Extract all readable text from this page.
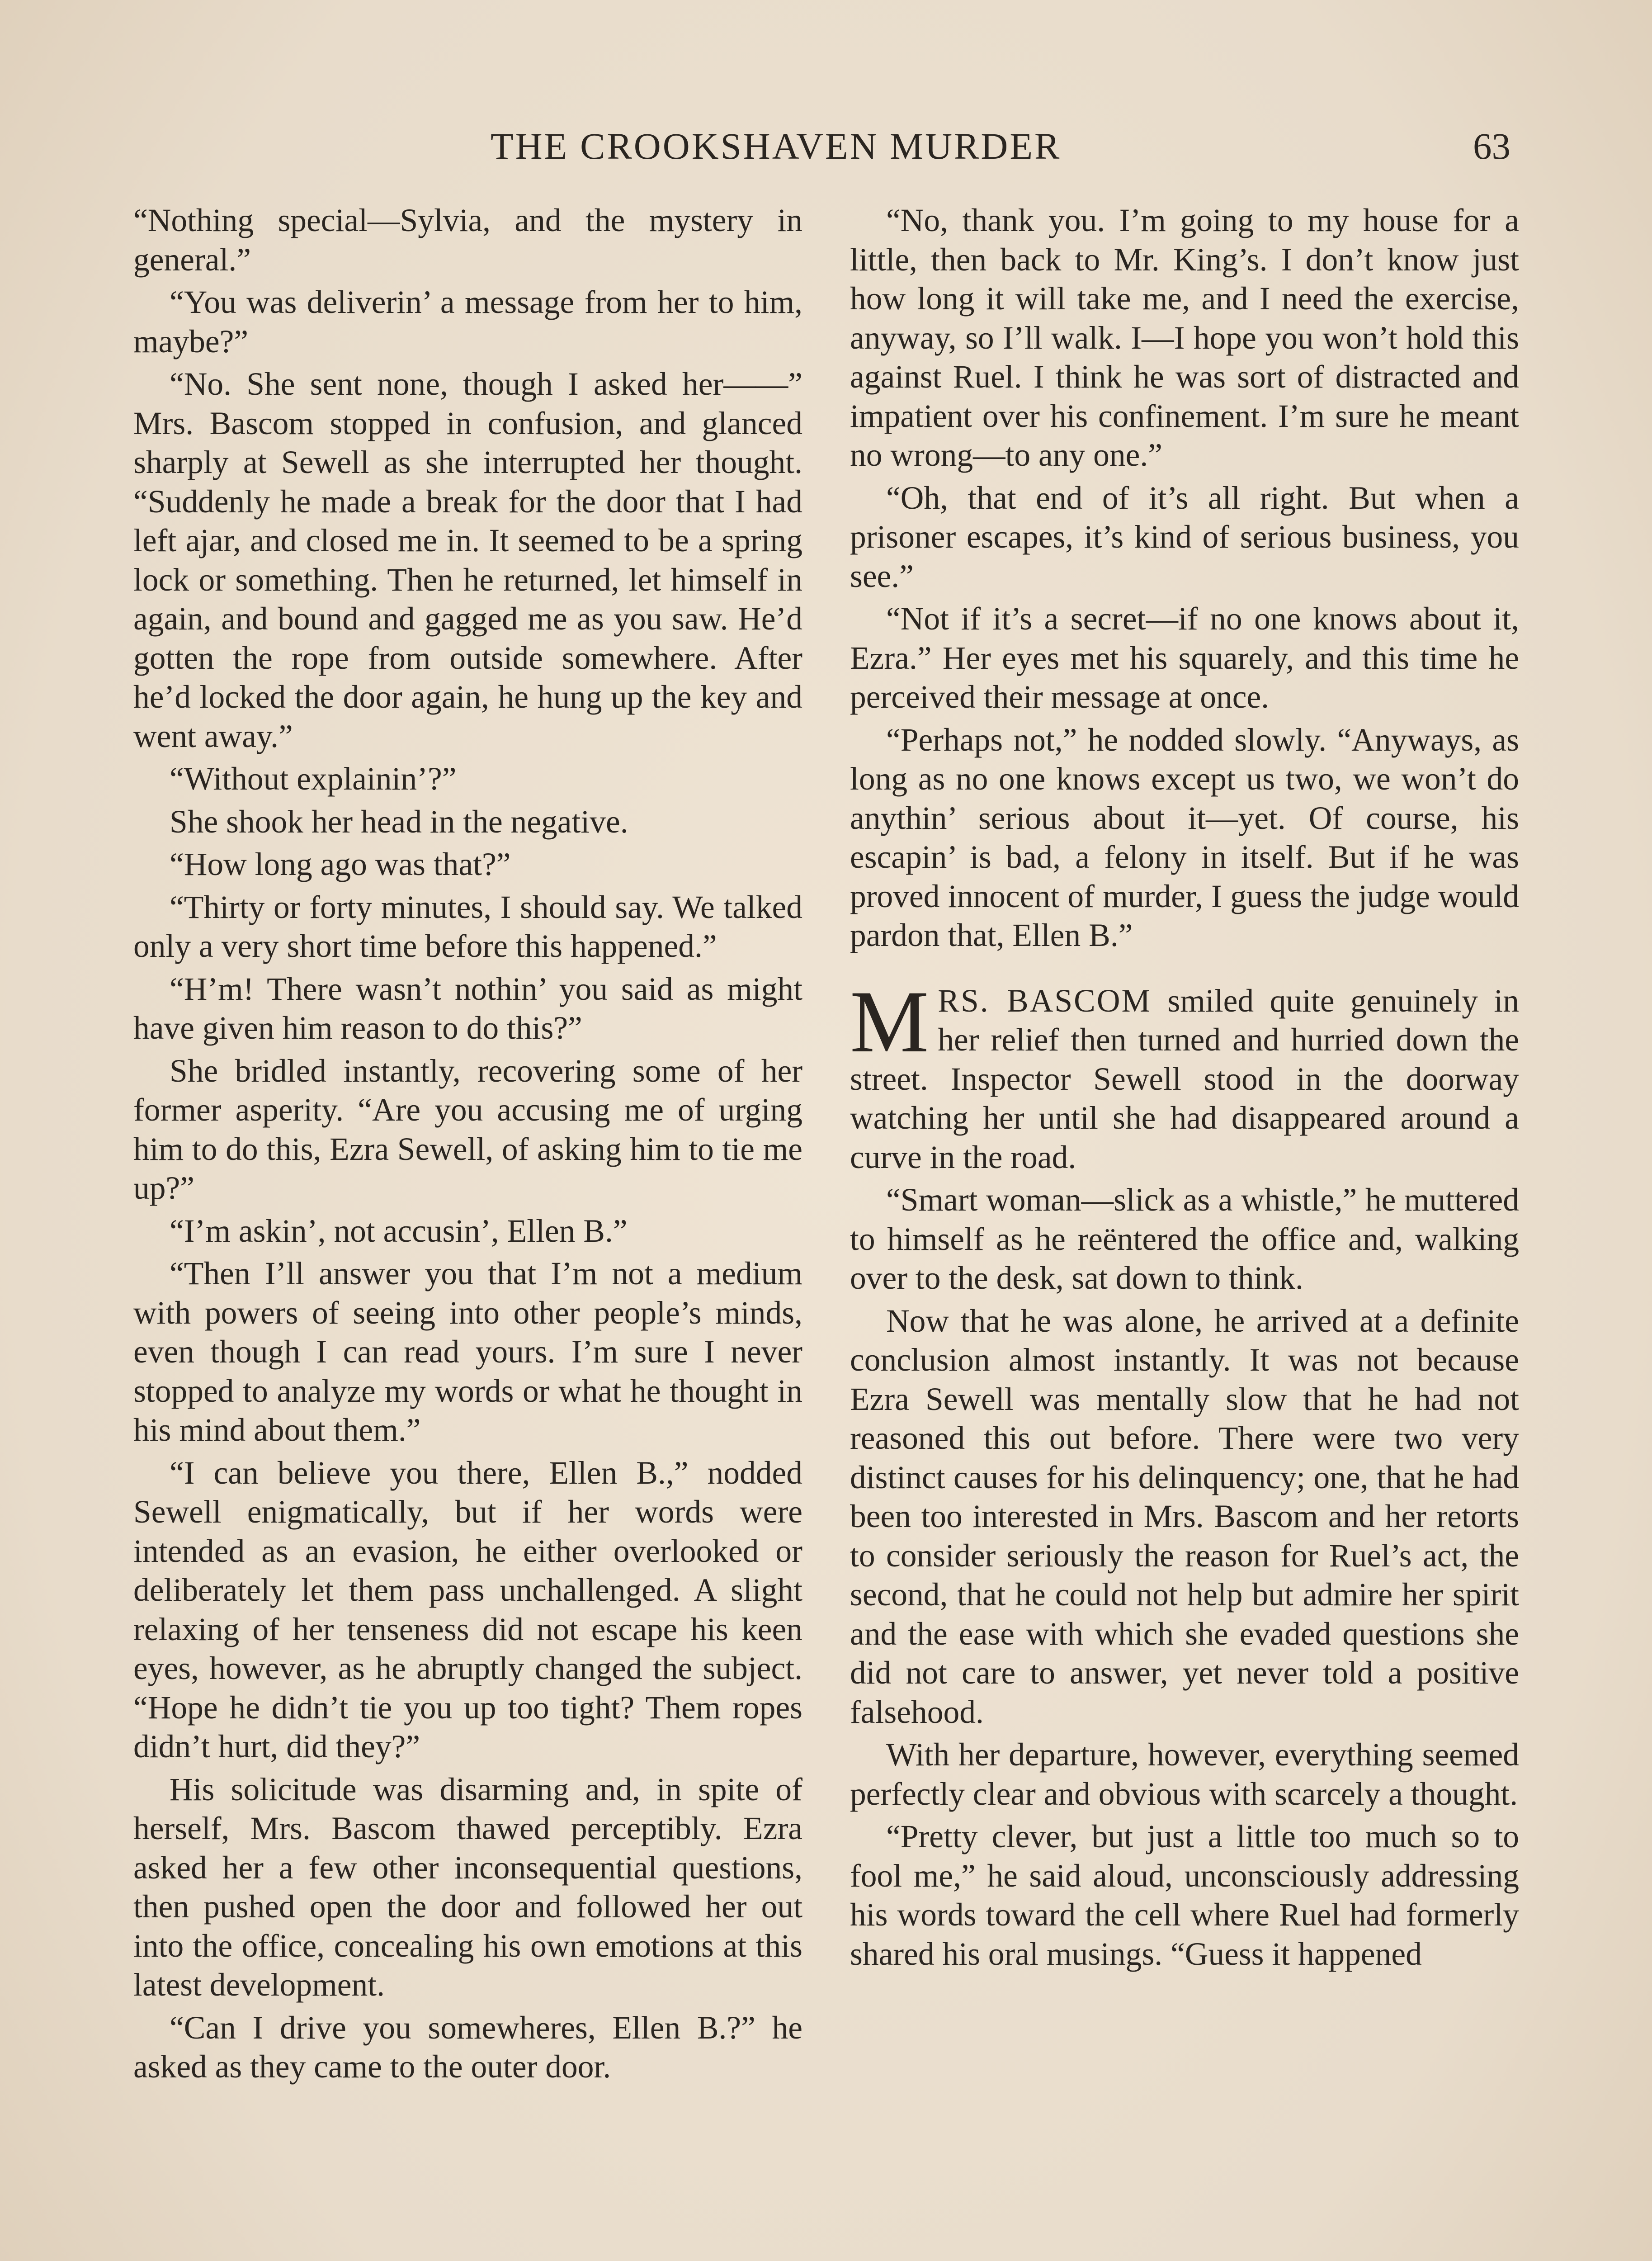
THE CROOKSHAVEN MURDER	63

“Nothing special—Sylvia, and the mystery in general.”

“You was deliverin’ a message from her to him, maybe?”

“No. She sent none, though I asked her——” Mrs. Bascom stopped in confusion, and glanced sharply at Sewell as she interrupted her thought. “Suddenly he made a break for the door that I had left ajar, and closed me in. It seemed to be a spring lock or something. Then he returned, let himself in again, and bound and gagged me as you saw. He’d gotten the rope from outside somewhere. After he’d locked the door again, he hung up the key and went away.”

“Without explainin’?”

She shook her head in the negative.

“How long ago was that?”

“Thirty or forty minutes, I should say. We talked only a very short time before this happened.”

“H’m! There wasn’t nothin’ you said as might have given him reason to do this?”

She bridled instantly, recovering some of her former asperity. “Are you accusing me of urging him to do this, Ezra Sewell, of asking him to tie me up?”

“I’m askin’, not accusin’, Ellen B.”

“Then I’ll answer you that I’m not a medium with powers of seeing into other people’s minds, even though I can read yours. I’m sure I never stopped to analyze my words or what he thought in his mind about them.”

“I can believe you there, Ellen B.,” nodded Sewell enigmatically, but if her words were intended as an evasion, he either overlooked or deliberately let them pass unchallenged. A slight relaxing of her tenseness did not escape his keen eyes, however, as he abruptly changed the subject. “Hope he didn’t tie you up too tight? Them ropes didn’t hurt, did they?”

His solicitude was disarming and, in spite of herself, Mrs. Bascom thawed perceptibly. Ezra asked her a few other inconsequential questions, then pushed open the door and followed her out into the office, concealing his own emotions at this latest development.

“Can I drive you somewheres, Ellen B.?” he asked as they came to the outer door.

“No, thank you. I’m going to my house for a little, then back to Mr. King’s. I don’t know just how long it will take me, and I need the exercise, anyway, so I’ll walk. I—I hope you won’t hold this against Ruel. I think he was sort of distracted and impatient over his confinement. I’m sure he meant no wrong—to any one.”

“Oh, that end of it’s all right. But when a prisoner escapes, it’s kind of serious business, you see.”

“Not if it’s a secret—if no one knows about it, Ezra.” Her eyes met his squarely, and this time he perceived their message at once.

“Perhaps not,” he nodded slowly. “Anyways, as long as no one knows except us two, we won’t do anythin’ serious about it—yet. Of course, his escapin’ is bad, a felony in itself. But if he was proved innocent of murder, I guess the judge would pardon that, Ellen B.”

MRS. BASCOM smiled quite genuinely in her relief then turned and hurried down the street. Inspector Sewell stood in the doorway watching her until she had disappeared around a curve in the road.

“Smart woman—slick as a whistle,” he muttered to himself as he reëntered the office and, walking over to the desk, sat down to think.

Now that he was alone, he arrived at a definite conclusion almost instantly. It was not because Ezra Sewell was mentally slow that he had not reasoned this out before. There were two very distinct causes for his delinquency; one, that he had been too interested in Mrs. Bascom and her retorts to consider seriously the reason for Ruel’s act, the second, that he could not help but admire her spirit and the ease with which she evaded questions she did not care to answer, yet never told a positive falsehood.

With her departure, however, everything seemed perfectly clear and obvious with scarcely a thought.

“Pretty clever, but just a little too much so to fool me,” he said aloud, unconsciously addressing his words toward the cell where Ruel had formerly shared his oral musings. “Guess it happened
